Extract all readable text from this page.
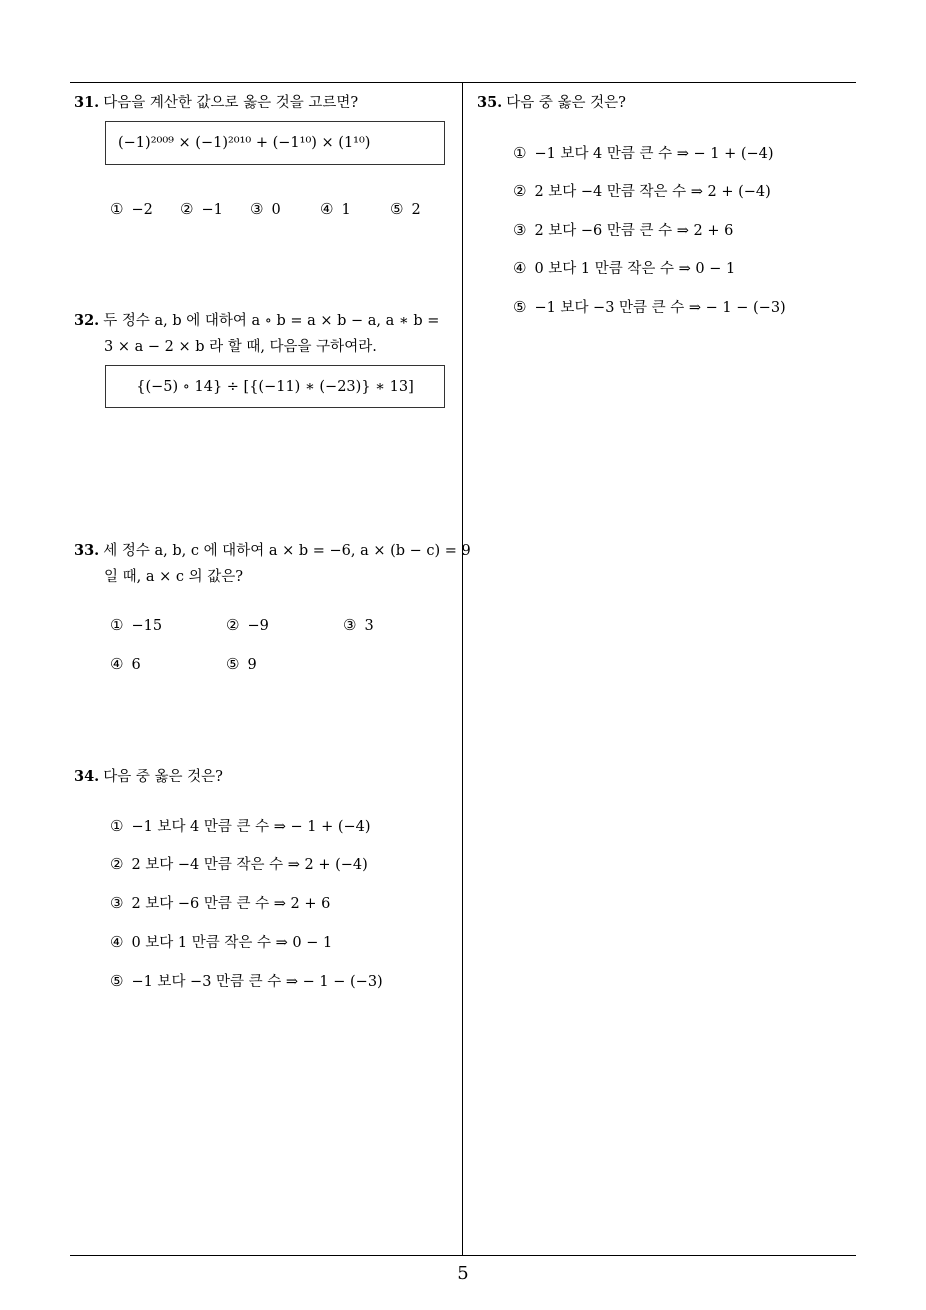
31. 다음을 계산한 값으로 옳은 것을 고르면?
(−1)²⁰⁰⁹ × (−1)²⁰¹⁰ + (−1¹⁰) × (1¹⁰)
① −2 ② −1 ③ 0	④ 1	⑤ 2
32. 두 정수 a, b 에 대하여 a ∘ b = a × b − a, a ∗ b =
3 × a − 2 × b 라 할 때, 다음을 구하여라.
{(−5) ∘ 14} ÷ [{(−11) ∗ (−23)} ∗ 13]
33. 세 정수 a, b, c 에 대하여 a × b = −6, a × (b − c) = 9
일 때, a × c 의 값은?
① −15	② −9	③ 3
④ 6	⑤ 9
34. 다음 중 옳은 것은?
① −1 보다 4 만큼 큰 수 ⇒ − 1 + (−4)
② 2 보다 −4 만큼 작은 수 ⇒ 2 + (−4)
③ 2 보다 −6 만큼 큰 수 ⇒ 2 + 6
④ 0 보다 1 만큼 작은 수 ⇒ 0 − 1
⑤ −1 보다 −3 만큼 큰 수 ⇒ − 1 − (−3)
35. 다음 중 옳은 것은?
① −1 보다 4 만큼 큰 수 ⇒ − 1 + (−4)
② 2 보다 −4 만큼 작은 수 ⇒ 2 + (−4)
③ 2 보다 −6 만큼 큰 수 ⇒ 2 + 6
④ 0 보다 1 만큼 작은 수 ⇒ 0 − 1
⑤ −1 보다 −3 만큼 큰 수 ⇒ − 1 − (−3)
5
